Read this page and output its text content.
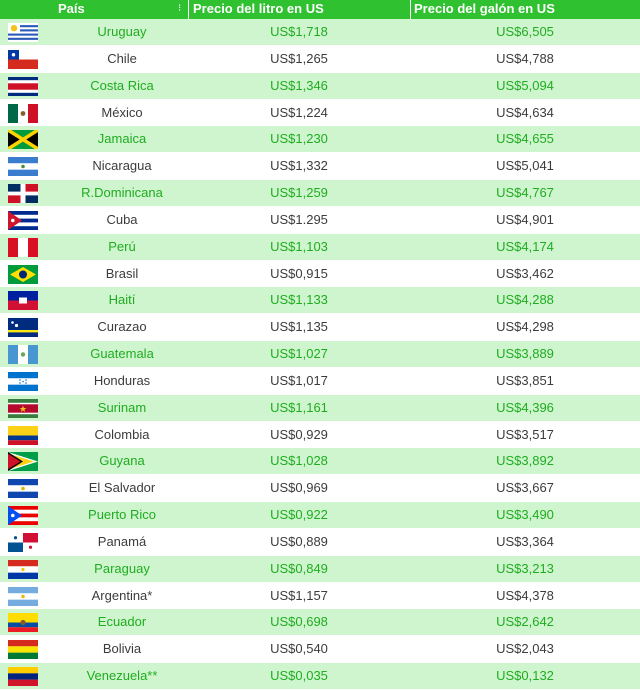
País	⁝ Precio del litro en US	Precio del galón en US
Uruguay	US$1,718	US$6,505
Chile	US$1,265	US$4,788
Costa Rica	US$1,346	US$5,094
México	US$1,224	US$4,634
Jamaica	US$1,230	US$4,655
Nicaragua	US$1,332	US$5,041
R.Dominicana	US$1,259	US$4,767
Cuba	US$1.295	US$4,901
Perú	US$1,103	US$4,174
Brasil	US$0,915	US$3,462
Haití	US$1,133	US$4,288
Curazao	US$1,135	US$4,298
Guatemala	US$1,027	US$3,889
Honduras	US$1,017	US$3,851
Surinam	US$1,161	US$4,396
Colombia	US$0,929	US$3,517
Guyana	US$1,028	US$3,892
El Salvador	US$0,969	US$3,667
Puerto Rico	US$0,922	US$3,490
Panamá	US$0,889	US$3,364
Paraguay	US$0,849	US$3,213
Argentina*	US$1,157	US$4,378
Ecuador	US$0,698	US$2,642
Bolivia	US$0,540	US$2,043
Venezuela**	US$0,035	US$0,132
